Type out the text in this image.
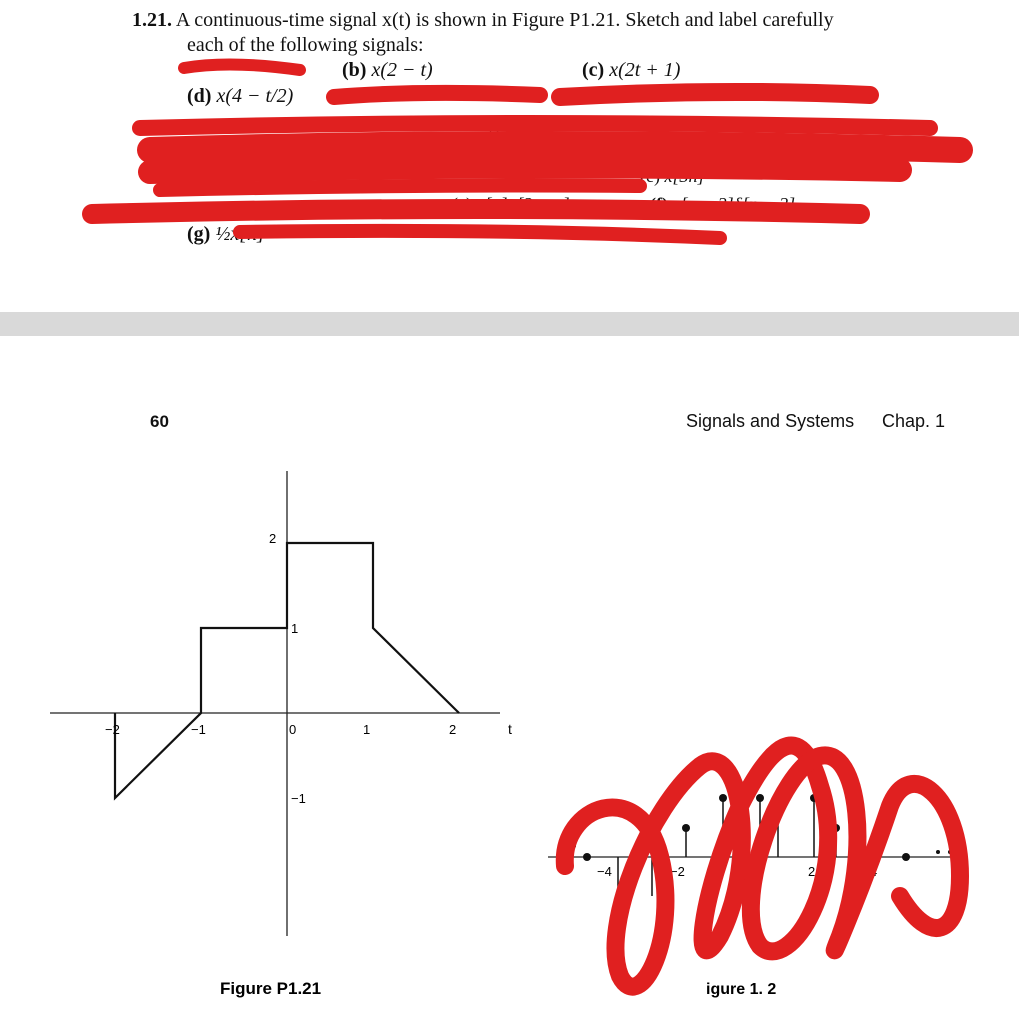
1.21. A continuous-time signal x(t) is shown in Figure P1.21. Sketch and label carefully
each of the following signals:
(b) x(2 − t)	(c) x(2t + 1)
(d) x(4 − t/2)
is shown in Figure P1.22. Sketch
(e) x[3n]
(e) x[n]u[3 − n]	(f) x[n − 2]δ[n − 2]
(g) ½x[n] +
60	Signals and Systems Chap. 1
−2	−1	0	1	2
2
1
−1
t
Figure P1.21
n
−4	−2 −1 0	2	4
igure 1. 2
